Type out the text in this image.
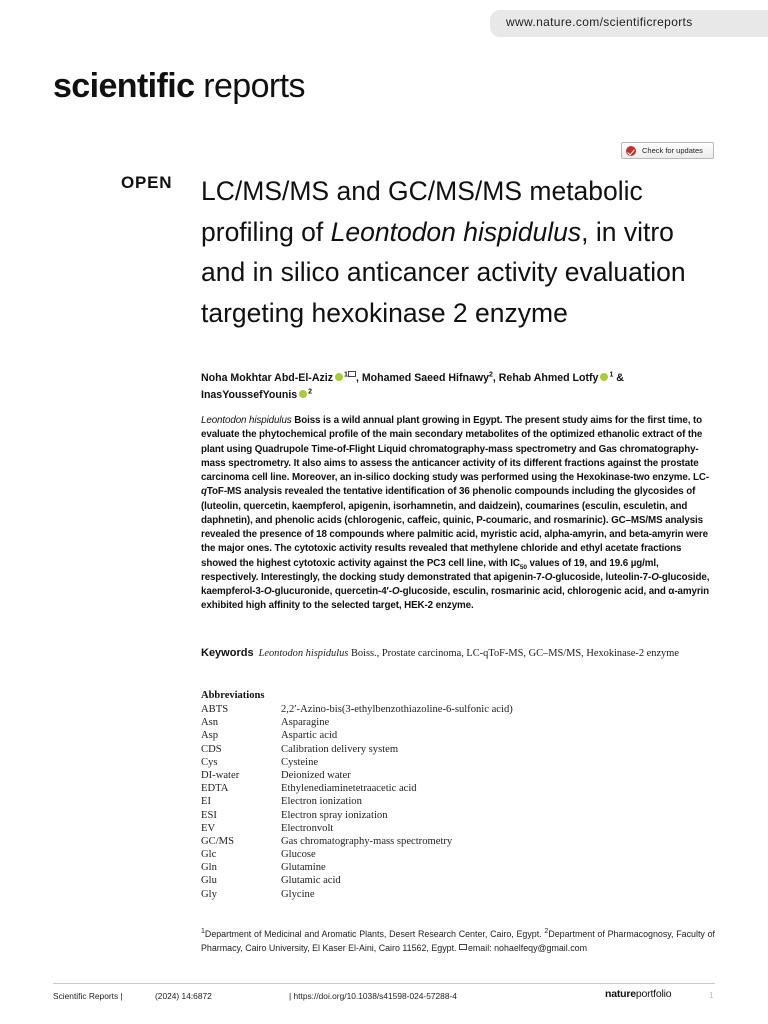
www.nature.com/scientificreports
scientific reports
Check for updates
OPEN LC/MS/MS and GC/MS/MS metabolic profiling of Leontodon hispidulus, in vitro and in silico anticancer activity evaluation targeting hexokinase 2 enzyme
Noha Mokhtar Abd-El-Aziz $^1$ , Mohamed Saeed Hifnawy$^2$, Rehab Ahmed Lotfy $^1$ & InasYoussefYounis $^2$

Leontodon hispidulus Boiss is a wild annual plant growing in Egypt. The present study aims for the first time, to evaluate the phytochemical profile of the main secondary metabolites of the optimized ethanolic extract of the plant using Quadrupole Time-of-Flight Liquid chromatography-mass spectrometry and Gas chromatography-mass spectrometry. It also aims to assess the anticancer activity of its different fractions against the prostate carcinoma cell line. Moreover, an in-silico docking study was performed using the Hexokinase-two enzyme. LC-qToF-MS analysis revealed the tentative identification of 36 phenolic compounds including the glycosides of (luteolin, quercetin, kaempferol, apigenin, isorhamnetin, and daidzein), coumarines (esculin, esculetin, and daphnetin), and phenolic acids (chlorogenic, caffeic, quinic, P-coumaric, and rosmarinic). GC–MS/MS analysis revealed the presence of 18 compounds where palmitic acid, myristic acid, alpha-amyrin, and beta-amyrin were the major ones. The cytotoxic activity results revealed that methylene chloride and ethyl acetate fractions showed the highest cytotoxic activity against the PC3 cell line, with $IC_{50}$ values of 19, and 19.6 µg/ml, respectively. Interestingly, the docking study demonstrated that apigenin-7-O-glucoside, luteolin-7-O-glucoside, kaempferol-3-O-glucuronide, quercetin-4′-O-glucoside, esculin, rosmarinic acid, chlorogenic acid, and α-amyrin exhibited high affinity to the selected target, HEK-2 enzyme.

Keywords Leontodon hispidulus Boiss., Prostate carcinoma, LC-qToF-MS, GC–MS/MS, Hexokinase-2 enzyme
Abbreviations
ABTS	2,2′-Azino-bis(3-ethylbenzothiazoline-6-sulfonic acid)
Asn	Asparagine
Asp	Aspartic acid
CDS	Calibration delivery system
Cys	Cysteine
DI-water	Deionized water
EDTA	Ethylenediaminetetraacetic acid
EI	Electron ionization
ESI	Electron spray ionization
EV	Electronvolt
GC/MS	Gas chromatography-mass spectrometry
Glc	Glucose
Gln	Glutamine
Glu	Glutamic acid
Gly	Glycine
$^1$Department of Medicinal and Aromatic Plants, Desert Research Center, Cairo, Egypt. $^2$Department of Pharmacognosy, Faculty of Pharmacy, Cairo University, El Kaser El-Aini, Cairo 11562, Egypt. email: nohaelfeqy@gmail.com
Scientific Reports |	(2024) 14:6872	| https://doi.org/10.1038/s41598-024-57288-4	natureportfolio	1
